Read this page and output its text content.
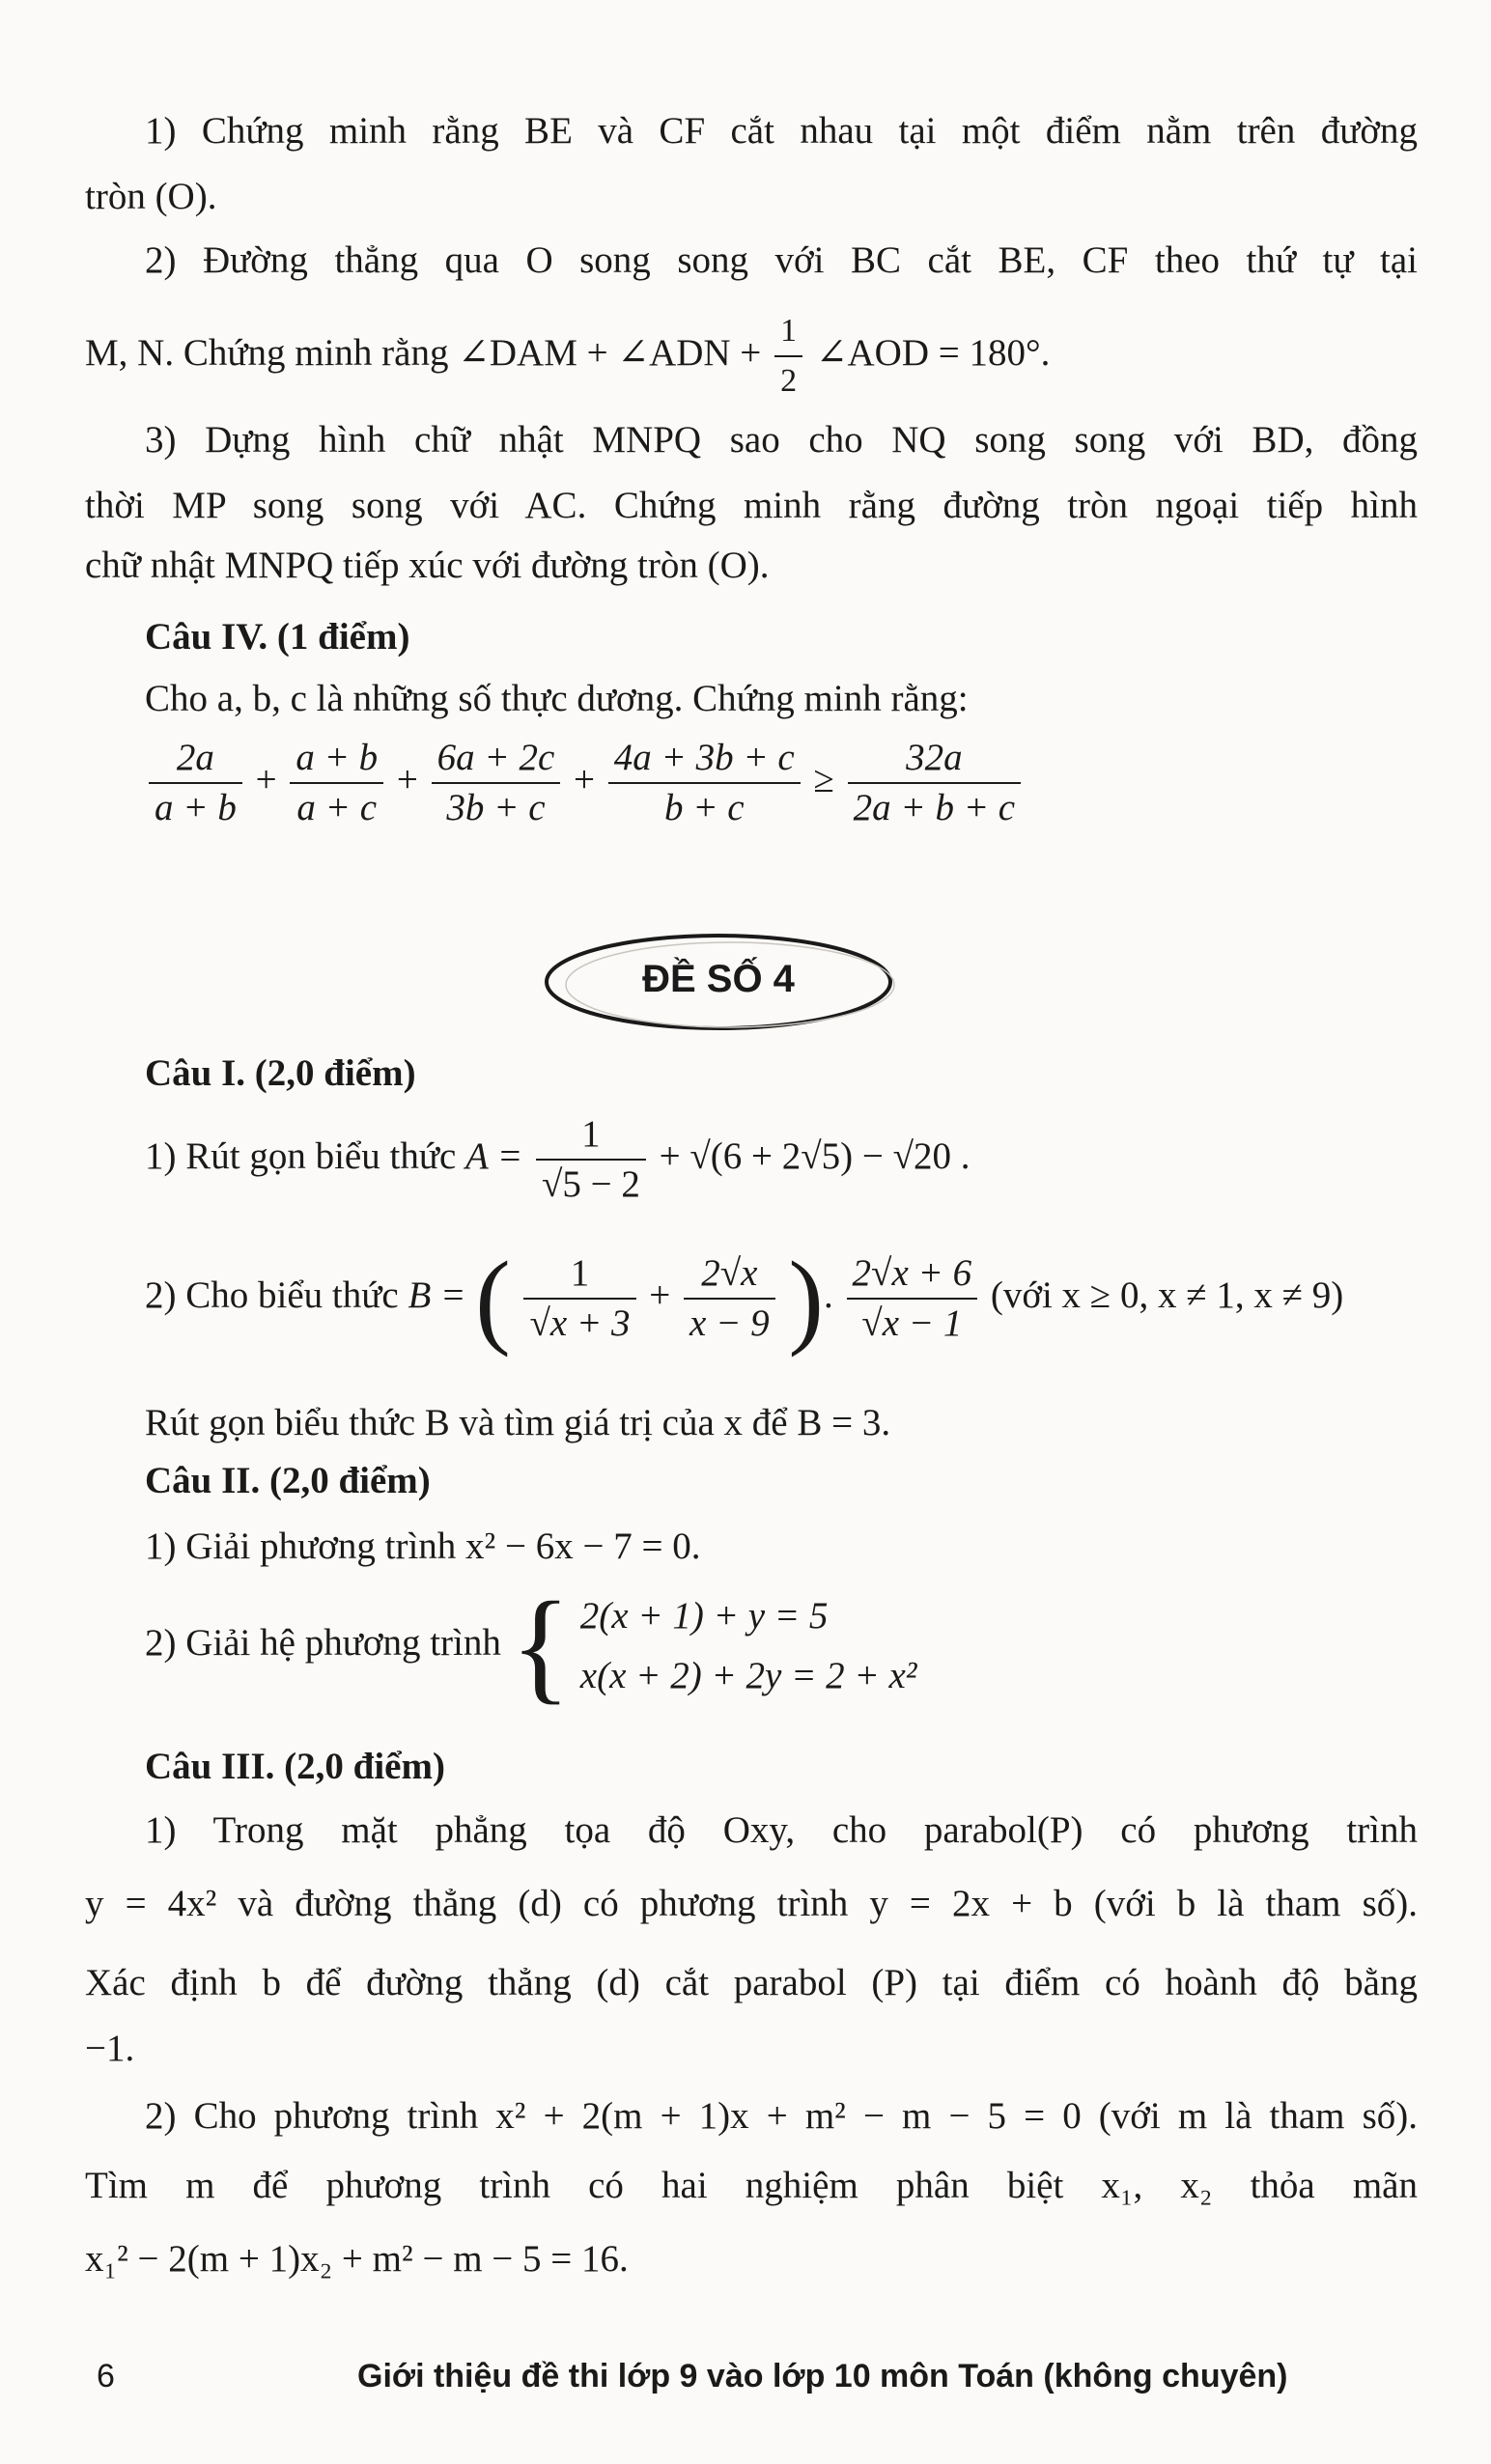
1) Chứng minh rằng BE và CF cắt nhau tại một điểm nằm trên đường
tròn (O).
2) Đường thẳng qua O song song với BC cắt BE, CF theo thứ tự tại
M, N. Chứng minh rằng ∠DAM + ∠ADN + $\frac{1}{2}$ ∠AOD = 180°.
3) Dựng hình chữ nhật MNPQ sao cho NQ song song với BD, đồng
thời MP song song với AC. Chứng minh rằng đường tròn ngoại tiếp hình
chữ nhật MNPQ tiếp xúc với đường tròn (O).
Câu IV. (1 điểm)
Cho a, b, c là những số thực dương. Chứng minh rằng:
$\frac{2a}{a + b} + \frac{a + b}{a + c} + \frac{6a + 2c}{3b + c} + \frac{4a + 3b + c}{b + c} \ge \frac{32a}{2a + b + c}$
ĐỀ SỐ 4
Câu I. (2,0 điểm)
1) Rút gọn biểu thức $A = \frac{1}{√5 - 2} + √(6 + 2√5) - √20$ .
2) Cho biểu thức B = ( $\frac{1}{√x + 3} + \frac{2√x}{x - 9}$ ). $\frac{2√x + 6}{√x - 1}$ (với x ≥ 0, x ≠ 1, x ≠ 9)
Rút gọn biểu thức B và tìm giá trị của x để B = 3.
Câu II. (2,0 điểm)
1) Giải phương trình x² − 6x − 7 = 0.
2) Giải hệ phương trình { 2(x + 1) + y = 5
x(x + 2) + 2y = 2 + x²
Câu III. (2,0 điểm)
1) Trong mặt phẳng tọa độ Oxy, cho parabol(P) có phương trình
y = 4x² và đường thẳng (d) có phương trình y = 2x + b (với b là tham số).
Xác định b để đường thẳng (d) cắt parabol (P) tại điểm có hoành độ bằng
−1.
2) Cho phương trình x² + 2(m + 1)x + m² − m − 5 = 0 (với m là tham số).
Tìm m để phương trình có hai nghiệm phân biệt x₁, x₂ thỏa mãn
x₁² − 2(m + 1)x₂ + m² − m − 5 = 16.
6	Giới thiệu đề thi lớp 9 vào lớp 10 môn Toán (không chuyên)
